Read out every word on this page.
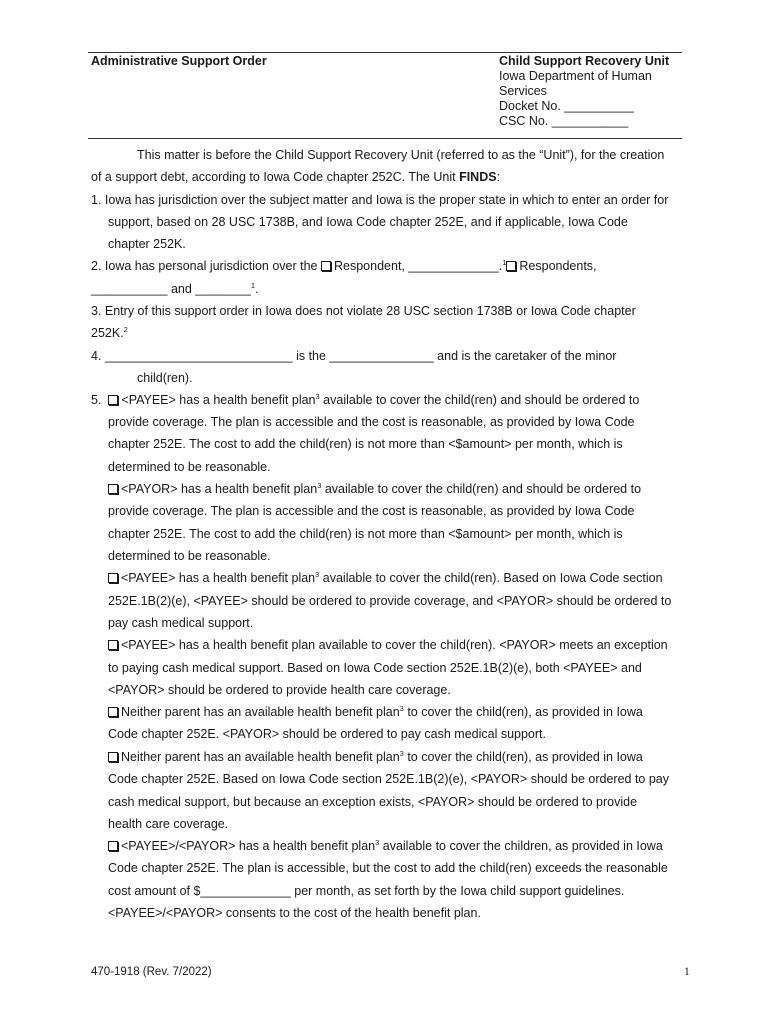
Administrative Support Order	Child Support Recovery Unit
Iowa Department of Human
Services
Docket No. __________
CSC No. ___________
This matter is before the Child Support Recovery Unit (referred to as the “Unit”), for the creation
of a support debt, according to Iowa Code chapter 252C. The Unit FINDS:
1. Iowa has jurisdiction over the subject matter and Iowa is the proper state in which to enter an order for
support, based on 28 USC 1738B, and Iowa Code chapter 252E, and if applicable, Iowa Code
chapter 252K.
2. Iowa has personal jurisdiction over the Respondent, _____________.$^1$ Respondents,
___________ and ________$^1$.
3. Entry of this support order in Iowa does not violate 28 USC section 1738B or Iowa Code chapter
252K.$^2$
4. ___________________________ is the _______________ and is the caretaker of the minor
child(ren).
5. <PAYEE> has a health benefit plan$^3$ available to cover the child(ren) and should be ordered to
provide coverage. The plan is accessible and the cost is reasonable, as provided by Iowa Code
chapter 252E. The cost to add the child(ren) is not more than <$amount> per month, which is
determined to be reasonable.
<PAYOR> has a health benefit plan$^3$ available to cover the child(ren) and should be ordered to
provide coverage. The plan is accessible and the cost is reasonable, as provided by Iowa Code
chapter 252E. The cost to add the child(ren) is not more than <$amount> per month, which is
determined to be reasonable.
<PAYEE> has a health benefit plan$^3$ available to cover the child(ren). Based on Iowa Code section
252E.1B(2)(e), <PAYEE> should be ordered to provide coverage, and <PAYOR> should be ordered to
pay cash medical support.
<PAYEE> has a health benefit plan available to cover the child(ren). <PAYOR> meets an exception
to paying cash medical support. Based on Iowa Code section 252E.1B(2)(e), both <PAYEE> and
<PAYOR> should be ordered to provide health care coverage.
Neither parent has an available health benefit plan$^3$ to cover the child(ren), as provided in Iowa
Code chapter 252E. <PAYOR> should be ordered to pay cash medical support.
Neither parent has an available health benefit plan$^3$ to cover the child(ren), as provided in Iowa
Code chapter 252E. Based on Iowa Code section 252E.1B(2)(e), <PAYOR> should be ordered to pay
cash medical support, but because an exception exists, <PAYOR> should be ordered to provide
health care coverage.
<PAYEE>/<PAYOR> has a health benefit plan$^3$ available to cover the children, as provided in Iowa
Code chapter 252E. The plan is accessible, but the cost to add the child(ren) exceeds the reasonable
cost amount of $_____________ per month, as set forth by the Iowa child support guidelines.
<PAYEE>/<PAYOR> consents to the cost of the health benefit plan.
470-1918 (Rev. 7/2022)	1
